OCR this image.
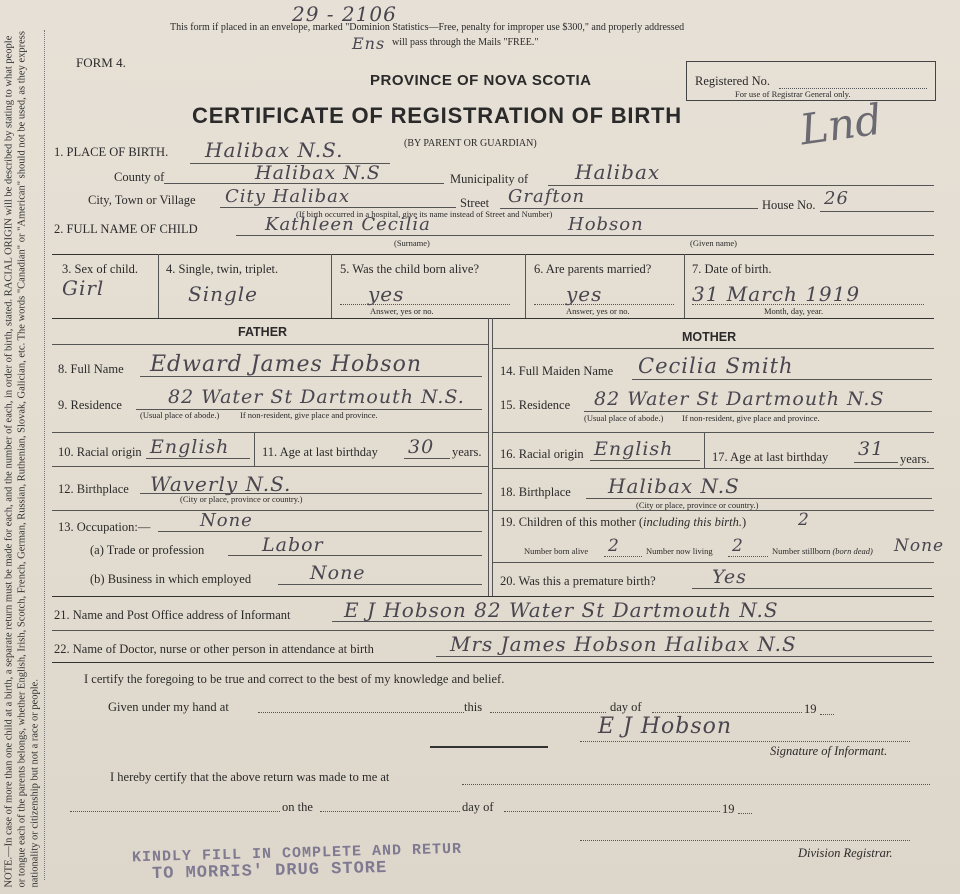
NOTE.—In case of more than one child at a birth, a separate return must be made for each, and the number of each, in order of birth, stated. RACIAL ORIGIN will be described by stating to what people or tongue each of the parents belongs, whether English, Irish, Scotch, French, German, Russian, Ruthenian, Slovak, Galician, etc. The words "Canadian" or "American" should not be used, as they express nationality or citizenship but not a race or people.
This form if placed in an envelope, marked "Dominion Statistics—Free, penalty for improper use $300," and properly addressed
will pass through the Mails "FREE."
29 - 2106
Ens
FORM 4.
PROVINCE OF NOVA SCOTIA
CERTIFICATE OF REGISTRATION OF BIRTH
(BY PARENT OR GUARDIAN)
Registered No.
For use of Registrar General only.
Lnd
1. PLACE OF BIRTH. Halibax N.S.
County of	Halibax N.S	Municipality of Halibax
City, Town or Village City Halibax	Street Grafton	House No. 26
(If birth occurred in a hospital, give its name instead of Street and Number)
2. FULL NAME OF CHILD	Kathleen Cecilia	Hobson
(Surname)	(Given name)
3. Sex of child.
Girl
4. Single, twin, triplet.
Single
5. Was the child born alive?
yes
Answer, yes or no.
6. Are parents married?
yes
Answer, yes or no.
7. Date of birth.
31 March 1919
Month, day, year.
FATHER	MOTHER
8. Full Name Edward James Hobson
9. Residence 82 Water St Dartmouth N.S.
(Usual place of abode.) If non-resident, give place and province.
10. Racial origin English	11. Age at last birthday 30 years.
12. Birthplace Waverly N.S.
(City or place, province or country.)
13. Occupation:—	None
(a) Trade or profession	Labor
(b) Business in which employed	None
14. Full Maiden Name Cecilia Smith
15. Residence 82 Water St Dartmouth N.S
(Usual place of abode.) If non-resident, give place and province.
16. Racial origin English	17. Age at last birthday 31 years.
18. Birthplace Halibax N.S
(City or place, province or country.)
19. Children of this mother (including this birth.)	2
Number born alive 2	Number now living 2	Number stillborn (born dead) None
20. Was this a premature birth?	Yes
21. Name and Post Office address of Informant	E J Hobson 82 Water St Dartmouth N.S
22. Name of Doctor, nurse or other person in attendance at birth	Mrs James Hobson Halibax N.S
I certify the foregoing to be true and correct to the best of my knowledge and belief.
Given under my hand at	this	day of	19
E J Hobson
Signature of Informant.
I hereby certify that the above return was made to me at
on the	day of	19
Division Registrar.
KINDLY FILL IN COMPLETE AND RETUR
TO MORRIS' DRUG STORE
